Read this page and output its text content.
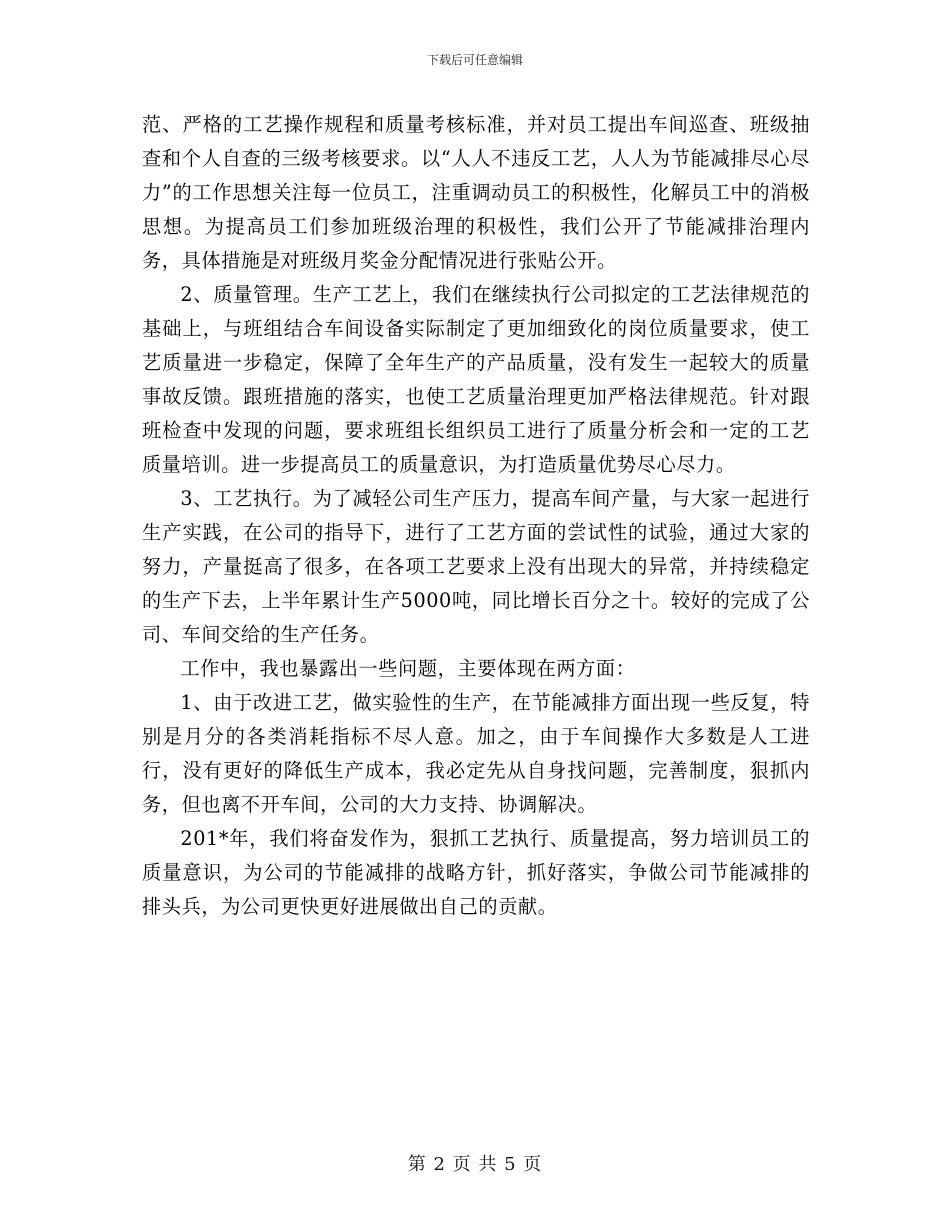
下载后可任意编辑

范、严格的工艺操作规程和质量考核标准，并对员工提出车间巡查、班级抽查和个人自查的三级考核要求。以“人人不违反工艺，人人为节能减排尽心尽力”的工作思想关注每一位员工，注重调动员工的积极性，化解员工中的消极思想。为提高员工们参加班级治理的积极性，我们公开了节能减排治理内务，具体措施是对班级月奖金分配情况进行张贴公开。

2、质量管理。生产工艺上，我们在继续执行公司拟定的工艺法律规范的基础上，与班组结合车间设备实际制定了更加细致化的岗位质量要求，使工艺质量进一步稳定，保障了全年生产的产品质量，没有发生一起较大的质量事故反馈。跟班措施的落实，也使工艺质量治理更加严格法律规范。针对跟班检查中发现的问题，要求班组长组织员工进行了质量分析会和一定的工艺质量培训。进一步提高员工的质量意识，为打造质量优势尽心尽力。

3、工艺执行。为了减轻公司生产压力，提高车间产量，与大家一起进行生产实践，在公司的指导下，进行了工艺方面的尝试性的试验，通过大家的努力，产量挺高了很多，在各项工艺要求上没有出现大的异常，并持续稳定的生产下去，上半年累计生产5000吨，同比增长百分之十。较好的完成了公司、车间交给的生产任务。

工作中，我也暴露出一些问题，主要体现在两方面：

1、由于改进工艺，做实验性的生产，在节能减排方面出现一些反复，特别是月分的各类消耗指标不尽人意。加之，由于车间操作大多数是人工进行，没有更好的降低生产成本，我必定先从自身找问题，完善制度，狠抓内务，但也离不开车间，公司的大力支持、协调解决。

201*年，我们将奋发作为，狠抓工艺执行、质量提高，努力培训员工的质量意识，为公司的节能减排的战略方针，抓好落实，争做公司节能减排的排头兵，为公司更快更好进展做出自己的贡献。

第 2 页 共 5 页
